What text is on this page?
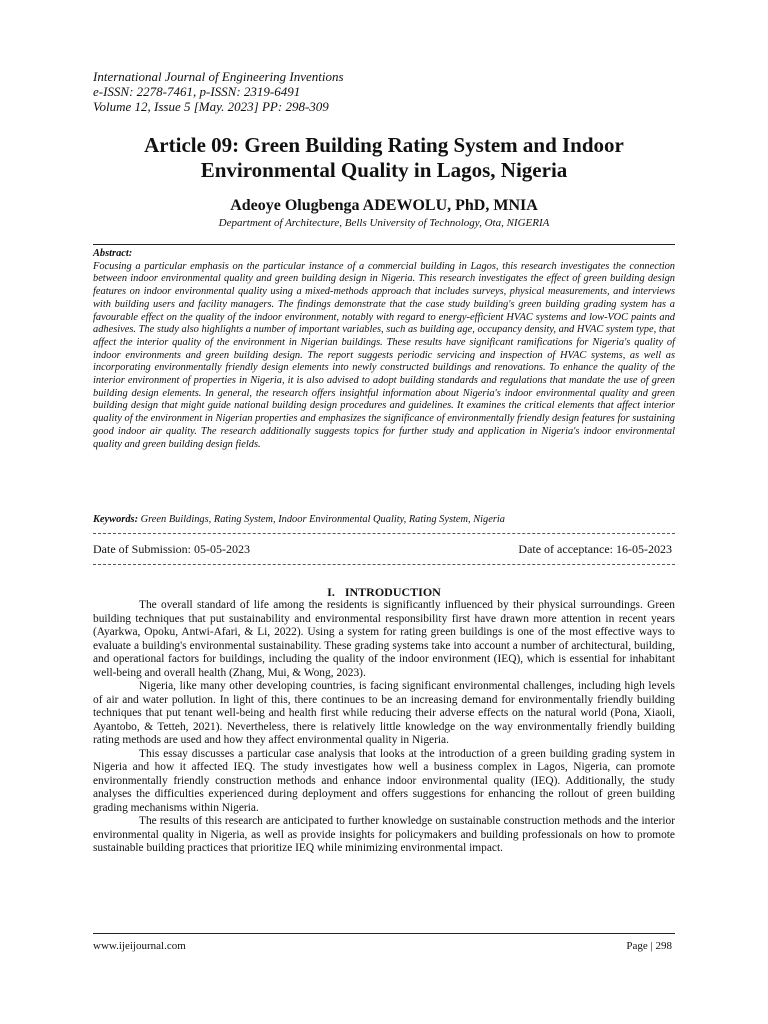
International Journal of Engineering Inventions
e-ISSN: 2278-7461, p-ISSN: 2319-6491
Volume 12, Issue 5 [May. 2023] PP: 298-309
Article 09: Green Building Rating System and Indoor Environmental Quality in Lagos, Nigeria
Adeoye Olugbenga ADEWOLU, PhD, MNIA
Department of Architecture, Bells University of Technology, Ota, NIGERIA
Abstract:
Focusing a particular emphasis on the particular instance of a commercial building in Lagos, this research investigates the connection between indoor environmental quality and green building design in Nigeria. This research investigates the effect of green building design features on indoor environmental quality using a mixed-methods approach that includes surveys, physical measurements, and interviews with building users and facility managers. The findings demonstrate that the case study building's green building grading system has a favourable effect on the quality of the indoor environment, notably with regard to energy-efficient HVAC systems and low-VOC paints and adhesives. The study also highlights a number of important variables, such as building age, occupancy density, and HVAC system type, that affect the interior quality of the environment in Nigerian buildings. These results have significant ramifications for Nigeria's quality of indoor environments and green building design. The report suggests periodic servicing and inspection of HVAC systems, as well as incorporating environmentally friendly design elements into newly constructed buildings and renovations. To enhance the quality of the interior environment of properties in Nigeria, it is also advised to adopt building standards and regulations that mandate the use of green building design elements. In general, the research offers insightful information about Nigeria's indoor environmental quality and green building design that might guide national building design procedures and guidelines. It examines the critical elements that affect interior quality of the environment in Nigerian properties and emphasizes the significance of environmentally friendly design features for sustaining good indoor air quality. The research additionally suggests topics for further study and application in Nigeria's indoor environmental quality and green building design fields.
Keywords: Green Buildings, Rating System, Indoor Environmental Quality, Rating System, Nigeria
Date of Submission: 05-05-2023	Date of acceptance: 16-05-2023
I. INTRODUCTION

The overall standard of life among the residents is significantly influenced by their physical surroundings. Green building techniques that put sustainability and environmental responsibility first have drawn more attention in recent years (Ayarkwa, Opoku, Antwi-Afari, & Li, 2022). Using a system for rating green buildings is one of the most effective ways to evaluate a building's environmental sustainability. These grading systems take into account a number of architectural, building, and operational factors for buildings, including the quality of the indoor environment (IEQ), which is essential for inhabitant well-being and overall health (Zhang, Mui, & Wong, 2023).

Nigeria, like many other developing countries, is facing significant environmental challenges, including high levels of air and water pollution. In light of this, there continues to be an increasing demand for environmentally friendly building techniques that put tenant well-being and health first while reducing their adverse effects on the natural world (Pona, Xiaoli, Ayantobo, & Tetteh, 2021). Nevertheless, there is relatively little knowledge on the way environmentally friendly building rating methods are used and how they affect environmental quality in Nigeria.

This essay discusses a particular case analysis that looks at the introduction of a green building grading system in Nigeria and how it affected IEQ. The study investigates how well a business complex in Lagos, Nigeria, can promote environmentally friendly construction methods and enhance indoor environmental quality (IEQ). Additionally, the study analyses the difficulties experienced during deployment and offers suggestions for enhancing the rollout of green building grading mechanisms within Nigeria.

The results of this research are anticipated to further knowledge on sustainable construction methods and the interior environmental quality in Nigeria, as well as provide insights for policymakers and building professionals on how to promote sustainable building practices that prioritize IEQ while minimizing environmental impact.

www.ijeijournal.com	Page | 298
